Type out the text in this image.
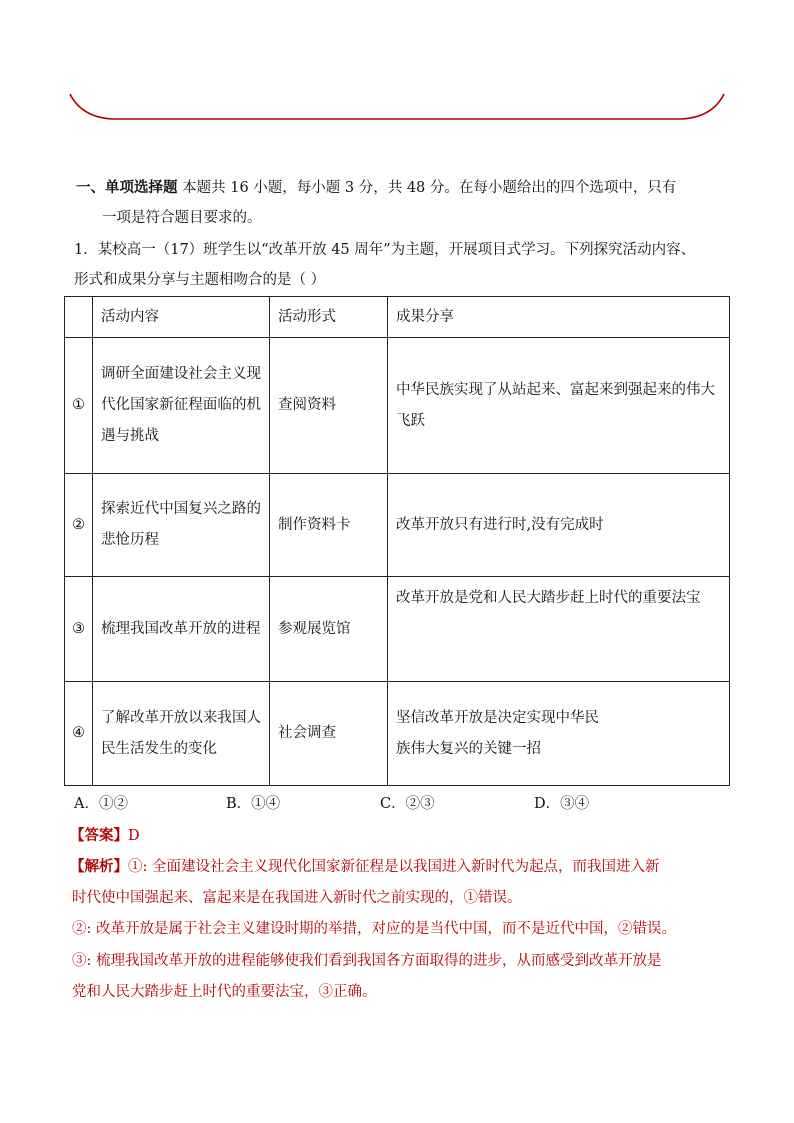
一、单项选择题 本题共 16 小题，每小题 3 分，共 48 分。在每小题给出的四个选项中，只有
一项是符合题目要求的。
1．某校高一（17）班学生以“改革开放 45 周年”为主题，开展项目式学习。下列探究活动内容、
形式和成果分享与主题相吻合的是（ ）
	活动内容	活动形式	成果分享
①	调研全面建设社会主义现代化国家新征程面临的机遇与挑战	查阅资料	中华民族实现了从站起来、富起来到强起来的伟大飞跃
②	探索近代中国复兴之路的悲怆历程	制作资料卡	改革开放只有进行时,没有完成时
③	梳理我国改革开放的进程	参观展览馆	改革开放是党和人民大踏步赶上时代的重要法宝
④	了解改革开放以来我国人民生活发生的变化	社会调查	坚信改革开放是决定实现中华民
族伟大复兴的关键一招
A．①②	B．①④	C．②③	D．③④
【答案】D
【解析】①: 全面建设社会主义现代化国家新征程是以我国进入新时代为起点，而我国进入新
时代使中国强起来、富起来是在我国进入新时代之前实现的，①错误。
②: 改革开放是属于社会主义建设时期的举措，对应的是当代中国，而不是近代中国，②错误。
③: 梳理我国改革开放的进程能够使我们看到我国各方面取得的进步，从而感受到改革开放是
党和人民大踏步赶上时代的重要法宝，③正确。
